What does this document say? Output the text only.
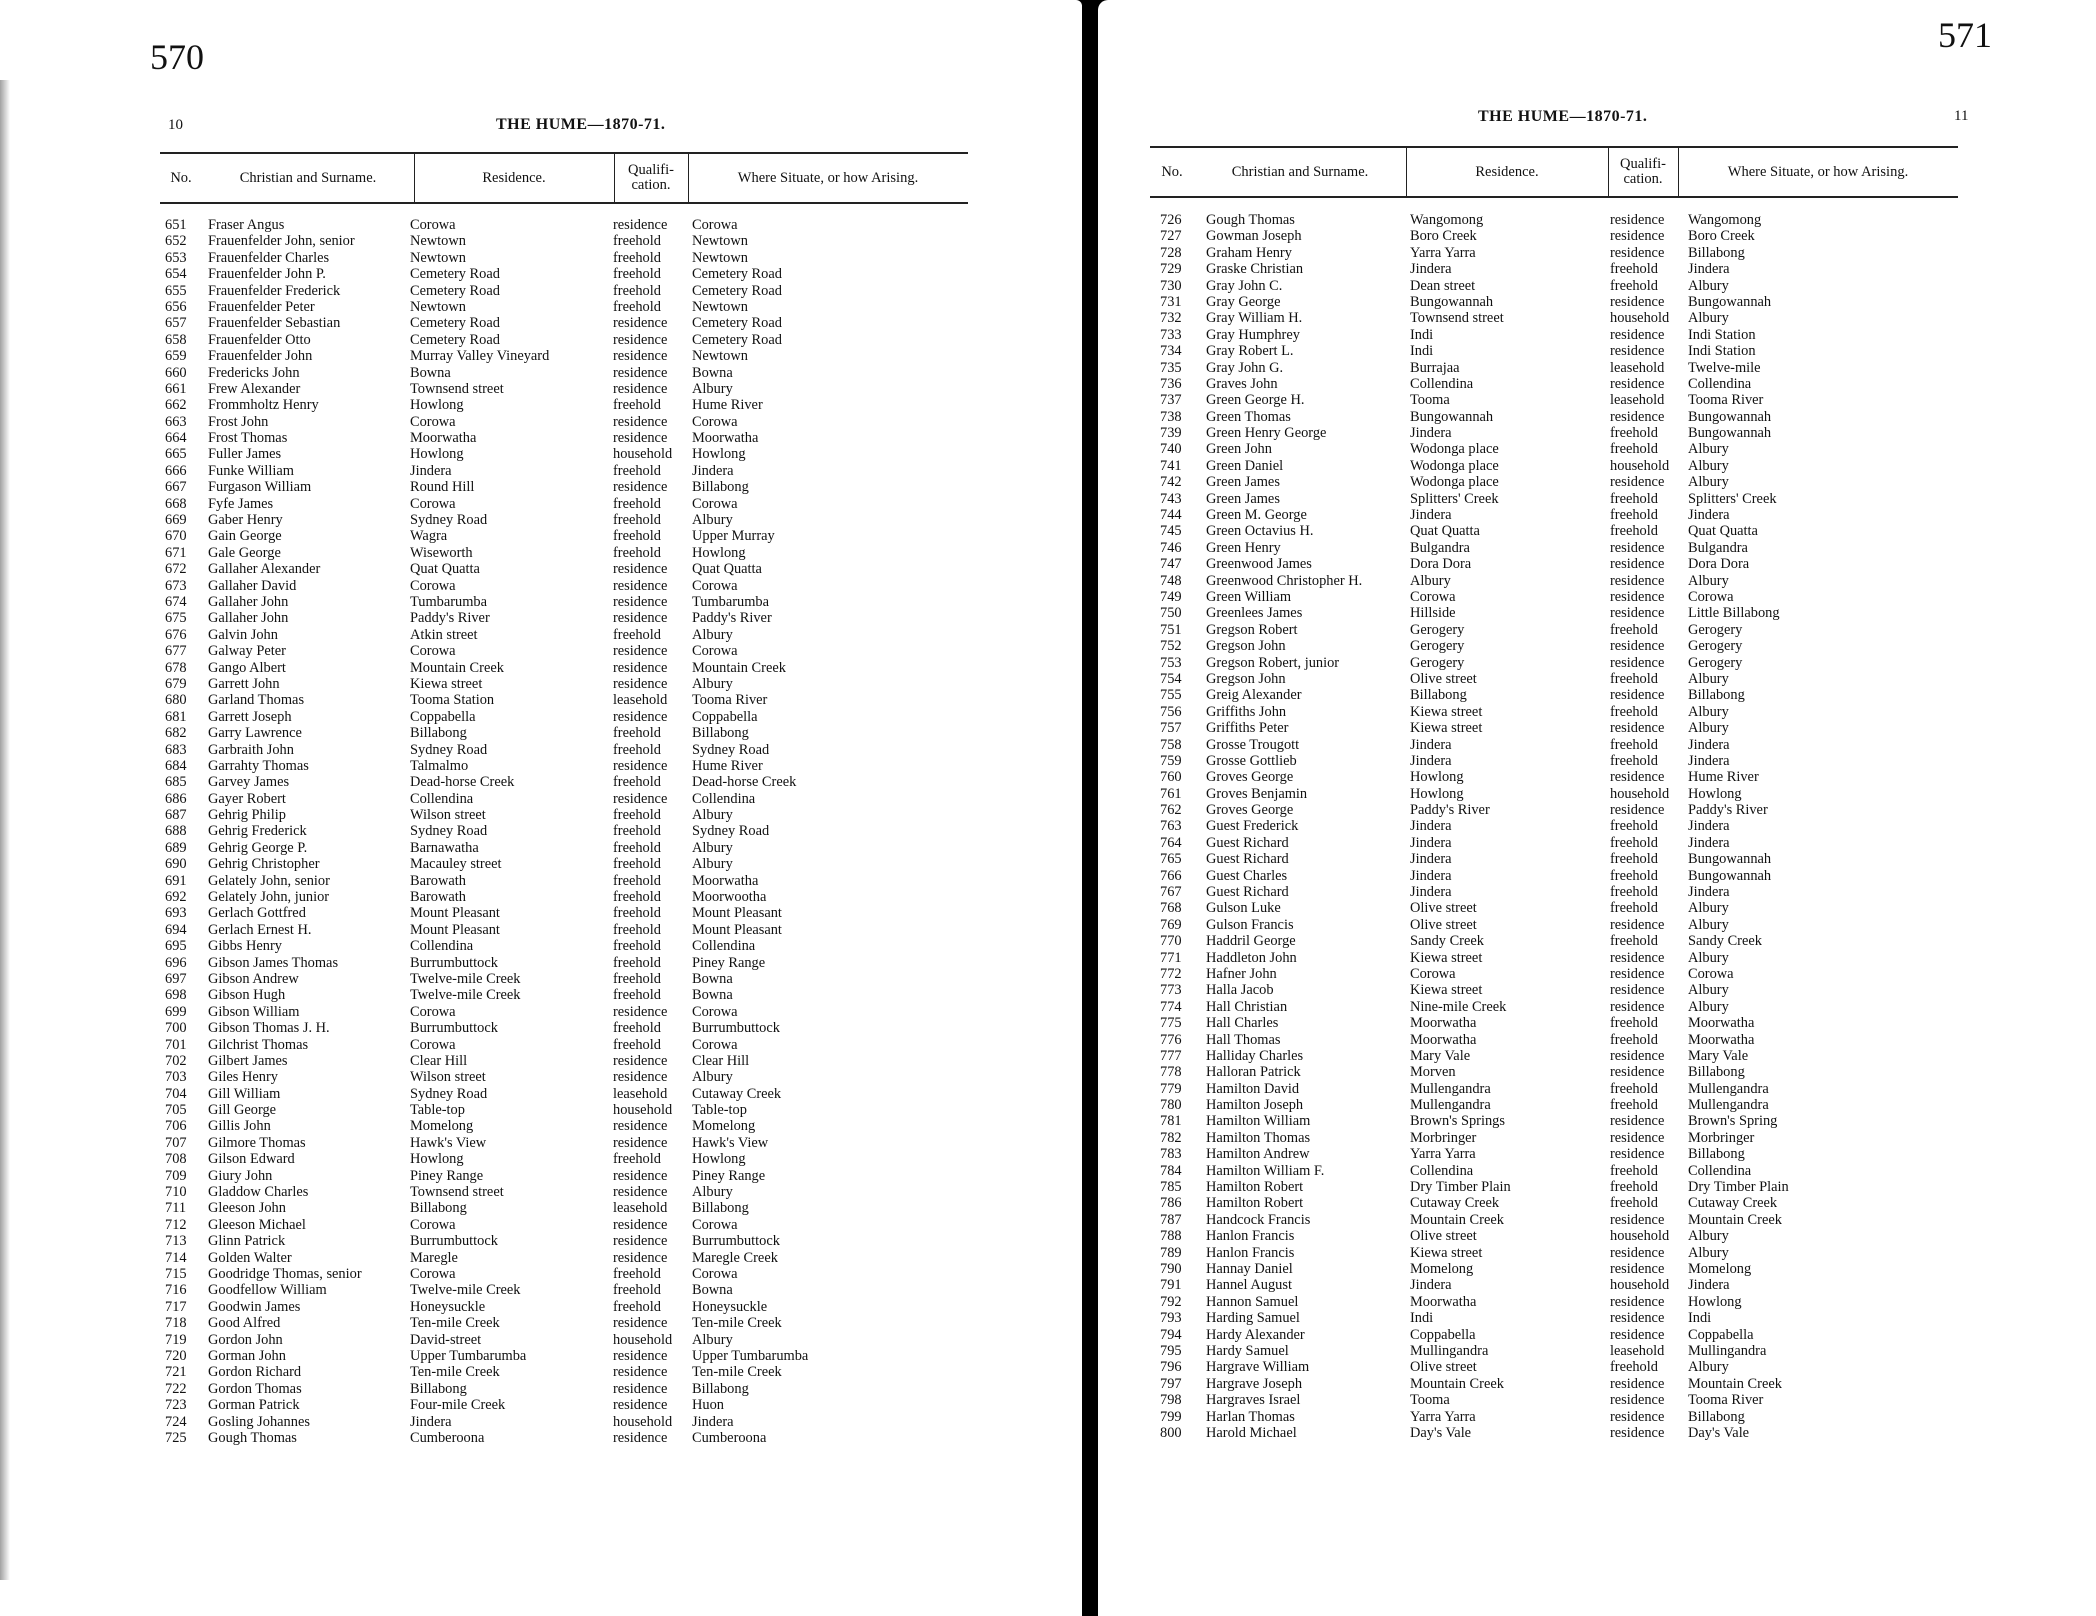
570
10	THE HUME—1870-71.
No.	Christian and Surname.	Residence.	Qualifi-cation.	Where Situate, or how Arising.
651 Fraser Angus	Corowa	residence Corowa
652 Frauenfelder John, senior	Newtown	freehold Newtown
653 Frauenfelder Charles	Newtown	freehold Newtown
654 Frauenfelder John P.	Cemetery Road	freehold Cemetery Road
655 Frauenfelder Frederick	Cemetery Road	freehold Cemetery Road
656 Frauenfelder Peter	Newtown	freehold Newtown
657 Frauenfelder Sebastian	Cemetery Road	residence Cemetery Road
658 Frauenfelder Otto	Cemetery Road	residence Cemetery Road
659 Frauenfelder John	Murray Valley Vineyard	residence Newtown
660 Fredericks John	Bowna	residence Bowna
661 Frew Alexander	Townsend street	residence Albury
662 Frommholtz Henry	Howlong	freehold Hume River
663 Frost John	Corowa	residence Corowa
664 Frost Thomas	Moorwatha	residence Moorwatha
665 Fuller James	Howlong	household Howlong
666 Funke William	Jindera	freehold Jindera
667 Furgason William	Round Hill	residence Billabong
668 Fyfe James	Corowa	freehold Corowa
669 Gaber Henry	Sydney Road	freehold Albury
670 Gain George	Wagra	freehold Upper Murray
671 Gale George	Wiseworth	freehold Howlong
672 Gallaher Alexander	Quat Quatta	residence Quat Quatta
673 Gallaher David	Corowa	residence Corowa
674 Gallaher John	Tumbarumba	residence Tumbarumba
675 Gallaher John	Paddy's River	residence Paddy's River
676 Galvin John	Atkin street	freehold Albury
677 Galway Peter	Corowa	residence Corowa
678 Gango Albert	Mountain Creek	residence Mountain Creek
679 Garrett John	Kiewa street	residence Albury
680 Garland Thomas	Tooma Station	leasehold Tooma River
681 Garrett Joseph	Coppabella	residence Coppabella
682 Garry Lawrence	Billabong	freehold Billabong
683 Garbraith John	Sydney Road	freehold Sydney Road
684 Garrahty Thomas	Talmalmo	residence Hume River
685 Garvey James	Dead-horse Creek	freehold Dead-horse Creek
686 Gayer Robert	Collendina	residence Collendina
687 Gehrig Philip	Wilson street	freehold Albury
688 Gehrig Frederick	Sydney Road	freehold Sydney Road
689 Gehrig George P.	Barnawatha	freehold Albury
690 Gehrig Christopher	Macauley street	freehold Albury
691 Gelately John, senior	Barowath	freehold Moorwatha
692 Gelately John, junior	Barowath	freehold Moorwootha
693 Gerlach Gottfred	Mount Pleasant	freehold Mount Pleasant
694 Gerlach Ernest H.	Mount Pleasant	freehold Mount Pleasant
695 Gibbs Henry	Collendina	freehold Collendina
696 Gibson James Thomas	Burrumbuttock	freehold Piney Range
697 Gibson Andrew	Twelve-mile Creek	freehold Bowna
698 Gibson Hugh	Twelve-mile Creek	freehold Bowna
699 Gibson William	Corowa	residence Corowa
700 Gibson Thomas J. H.	Burrumbuttock	freehold Burrumbuttock
701 Gilchrist Thomas	Corowa	freehold Corowa
702 Gilbert James	Clear Hill	residence Clear Hill
703 Giles Henry	Wilson street	residence Albury
704 Gill William	Sydney Road	leasehold Cutaway Creek
705 Gill George	Table-top	household Table-top
706 Gillis John	Momelong	residence Momelong
707 Gilmore Thomas	Hawk's View	residence Hawk's View
708 Gilson Edward	Howlong	freehold Howlong
709 Giury John	Piney Range	residence Piney Range
710 Gladdow Charles	Townsend street	residence Albury
711 Gleeson John	Billabong	leasehold Billabong
712 Gleeson Michael	Corowa	residence Corowa
713 Glinn Patrick	Burrumbuttock	residence Burrumbuttock
714 Golden Walter	Maregle	residence Maregle Creek
715 Goodridge Thomas, senior	Corowa	freehold Corowa
716 Goodfellow William	Twelve-mile Creek	freehold Bowna
717 Goodwin James	Honeysuckle	freehold Honeysuckle
718 Good Alfred	Ten-mile Creek	residence Ten-mile Creek
719 Gordon John	David-street	household Albury
720 Gorman John	Upper Tumbarumba	residence Upper Tumbarumba
721 Gordon Richard	Ten-mile Creek	residence Ten-mile Creek
722 Gordon Thomas	Billabong	residence Billabong
723 Gorman Patrick	Four-mile Creek	residence Huon
724 Gosling Johannes	Jindera	household Jindera
725 Gough Thomas	Cumberoona	residence Cumberoona
571
THE HUME—1870-71.	11
No.	Christian and Surname.	Residence.	Qualifi-cation.	Where Situate, or how Arising.
726 Gough Thomas	Wangomong	residence Wangomong
727 Gowman Joseph	Boro Creek	residence Boro Creek
728 Graham Henry	Yarra Yarra	residence Billabong
729 Graske Christian	Jindera	freehold Jindera
730 Gray John C.	Dean street	freehold Albury
731 Gray George	Bungowannah	residence Bungowannah
732 Gray William H.	Townsend street	household Albury
733 Gray Humphrey	Indi	residence Indi Station
734 Gray Robert L.	Indi	residence Indi Station
735 Gray John G.	Burrajaa	leasehold Twelve-mile
736 Graves John	Collendina	residence Collendina
737 Green George H.	Tooma	leasehold Tooma River
738 Green Thomas	Bungowannah	residence Bungowannah
739 Green Henry George	Jindera	freehold Bungowannah
740 Green John	Wodonga place	freehold Albury
741 Green Daniel	Wodonga place	household Albury
742 Green James	Wodonga place	residence Albury
743 Green James	Splitters' Creek	freehold Splitters' Creek
744 Green M. George	Jindera	freehold Jindera
745 Green Octavius H.	Quat Quatta	freehold Quat Quatta
746 Green Henry	Bulgandra	residence Bulgandra
747 Greenwood James	Dora Dora	residence Dora Dora
748 Greenwood Christopher H.	Albury	residence Albury
749 Green William	Corowa	residence Corowa
750 Greenlees James	Hillside	residence Little Billabong
751 Gregson Robert	Gerogery	freehold Gerogery
752 Gregson John	Gerogery	residence Gerogery
753 Gregson Robert, junior	Gerogery	residence Gerogery
754 Gregson John	Olive street	freehold Albury
755 Greig Alexander	Billabong	residence Billabong
756 Griffiths John	Kiewa street	freehold Albury
757 Griffiths Peter	Kiewa street	residence Albury
758 Grosse Trougott	Jindera	freehold Jindera
759 Grosse Gottlieb	Jindera	freehold Jindera
760 Groves George	Howlong	residence Hume River
761 Groves Benjamin	Howlong	household Howlong
762 Groves George	Paddy's River	residence Paddy's River
763 Guest Frederick	Jindera	freehold Jindera
764 Guest Richard	Jindera	freehold Jindera
765 Guest Richard	Jindera	freehold Bungowannah
766 Guest Charles	Jindera	freehold Bungowannah
767 Guest Richard	Jindera	freehold Jindera
768 Gulson Luke	Olive street	freehold Albury
769 Gulson Francis	Olive street	residence Albury
770 Haddril George	Sandy Creek	freehold Sandy Creek
771 Haddleton John	Kiewa street	residence Albury
772 Hafner John	Corowa	residence Corowa
773 Halla Jacob	Kiewa street	residence Albury
774 Hall Christian	Nine-mile Creek	residence Albury
775 Hall Charles	Moorwatha	freehold Moorwatha
776 Hall Thomas	Moorwatha	freehold Moorwatha
777 Halliday Charles	Mary Vale	residence Mary Vale
778 Halloran Patrick	Morven	residence Billabong
779 Hamilton David	Mullengandra	freehold Mullengandra
780 Hamilton Joseph	Mullengandra	freehold Mullengandra
781 Hamilton William	Brown's Springs	residence Brown's Spring
782 Hamilton Thomas	Morbringer	residence Morbringer
783 Hamilton Andrew	Yarra Yarra	residence Billabong
784 Hamilton William F.	Collendina	freehold Collendina
785 Hamilton Robert	Dry Timber Plain	freehold Dry Timber Plain
786 Hamilton Robert	Cutaway Creek	freehold Cutaway Creek
787 Handcock Francis	Mountain Creek	residence Mountain Creek
788 Hanlon Francis	Olive street	household Albury
789 Hanlon Francis	Kiewa street	residence Albury
790 Hannay Daniel	Momelong	residence Momelong
791 Hannel August	Jindera	household Jindera
792 Hannon Samuel	Moorwatha	residence Howlong
793 Harding Samuel	Indi	residence Indi
794 Hardy Alexander	Coppabella	residence Coppabella
795 Hardy Samuel	Mullingandra	leasehold Mullingandra
796 Hargrave William	Olive street	freehold Albury
797 Hargrave Joseph	Mountain Creek	residence Mountain Creek
798 Hargraves Israel	Tooma	residence Tooma River
799 Harlan Thomas	Yarra Yarra	residence Billabong
800 Harold Michael	Day's Vale	residence Day's Vale
